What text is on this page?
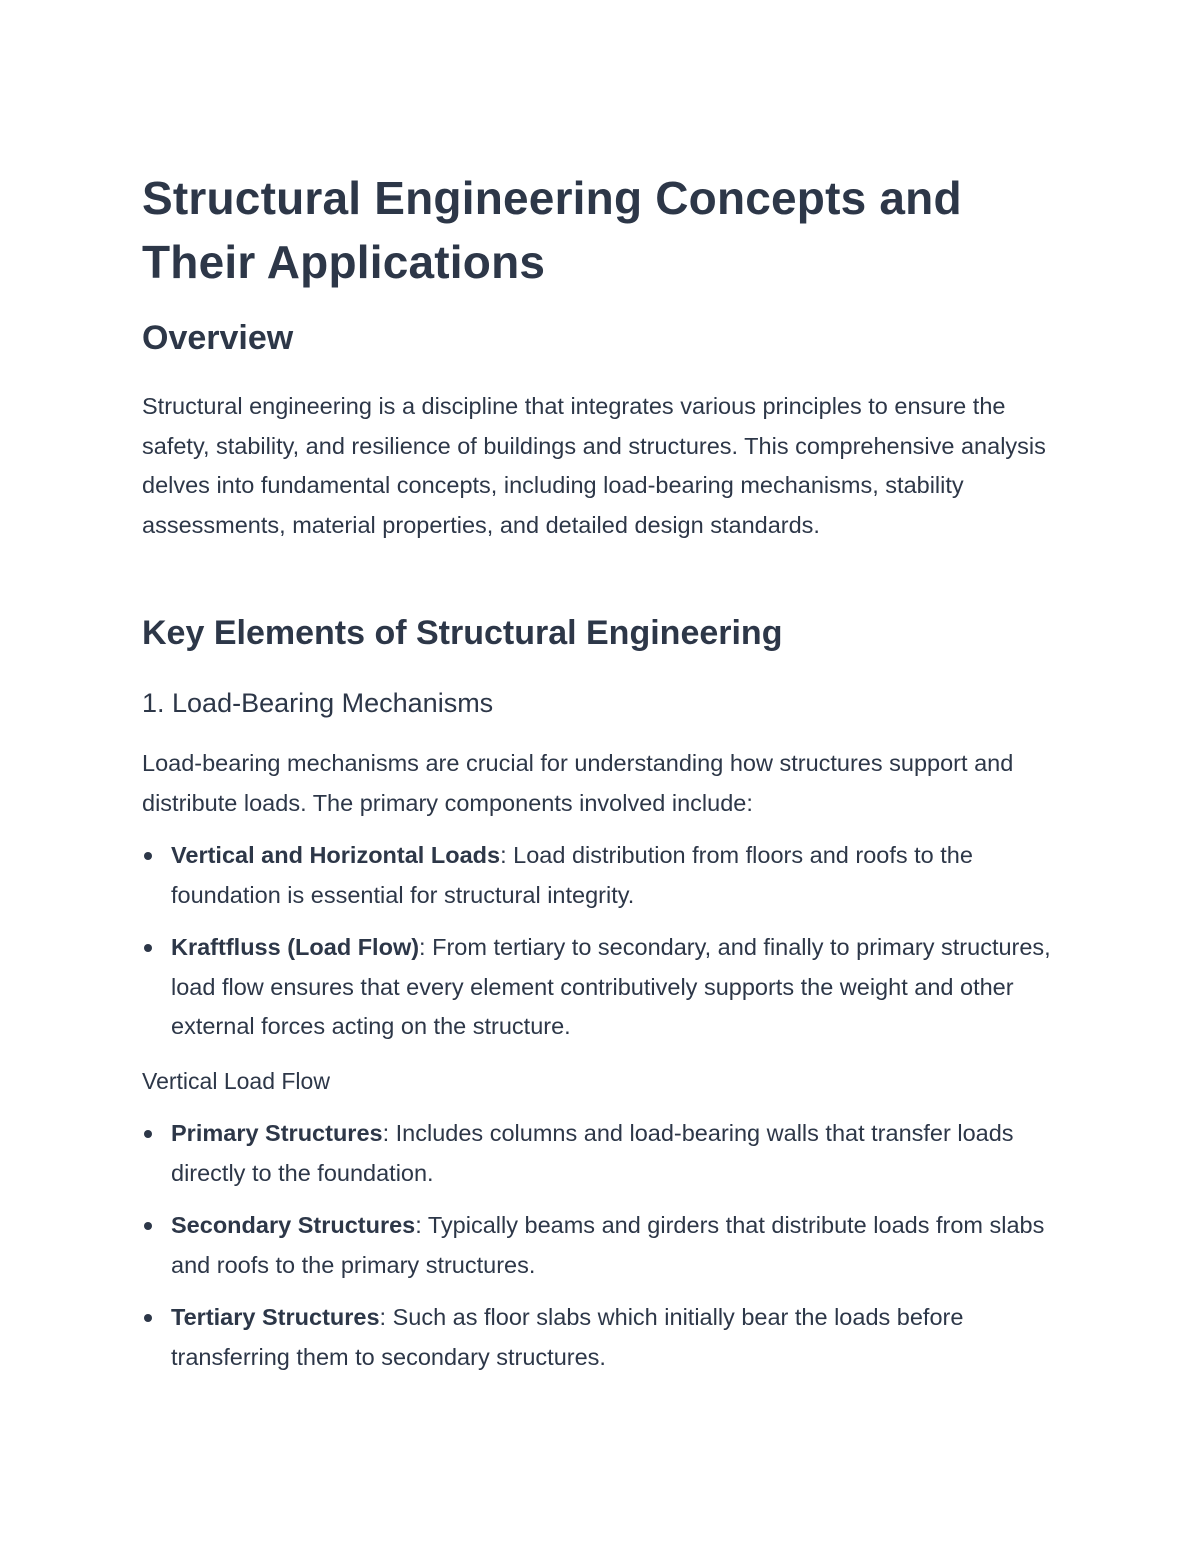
Structural Engineering Concepts and Their Applications
Overview

Structural engineering is a discipline that integrates various principles to ensure the safety, stability, and resilience of buildings and structures. This comprehensive analysis delves into fundamental concepts, including load-bearing mechanisms, stability assessments, material properties, and detailed design standards.

Key Elements of Structural Engineering
1. Load-Bearing Mechanisms

Load-bearing mechanisms are crucial for understanding how structures support and distribute loads. The primary components involved include:

Vertical and Horizontal Loads: Load distribution from floors and roofs to the foundation is essential for structural integrity.
Kraftfluss (Load Flow): From tertiary to secondary, and finally to primary structures, load flow ensures that every element contributively supports the weight and other external forces acting on the structure.
Vertical Load Flow
Primary Structures: Includes columns and load-bearing walls that transfer loads directly to the foundation.
Secondary Structures: Typically beams and girders that distribute loads from slabs and roofs to the primary structures.
Tertiary Structures: Such as floor slabs which initially bear the loads before transferring them to secondary structures.
